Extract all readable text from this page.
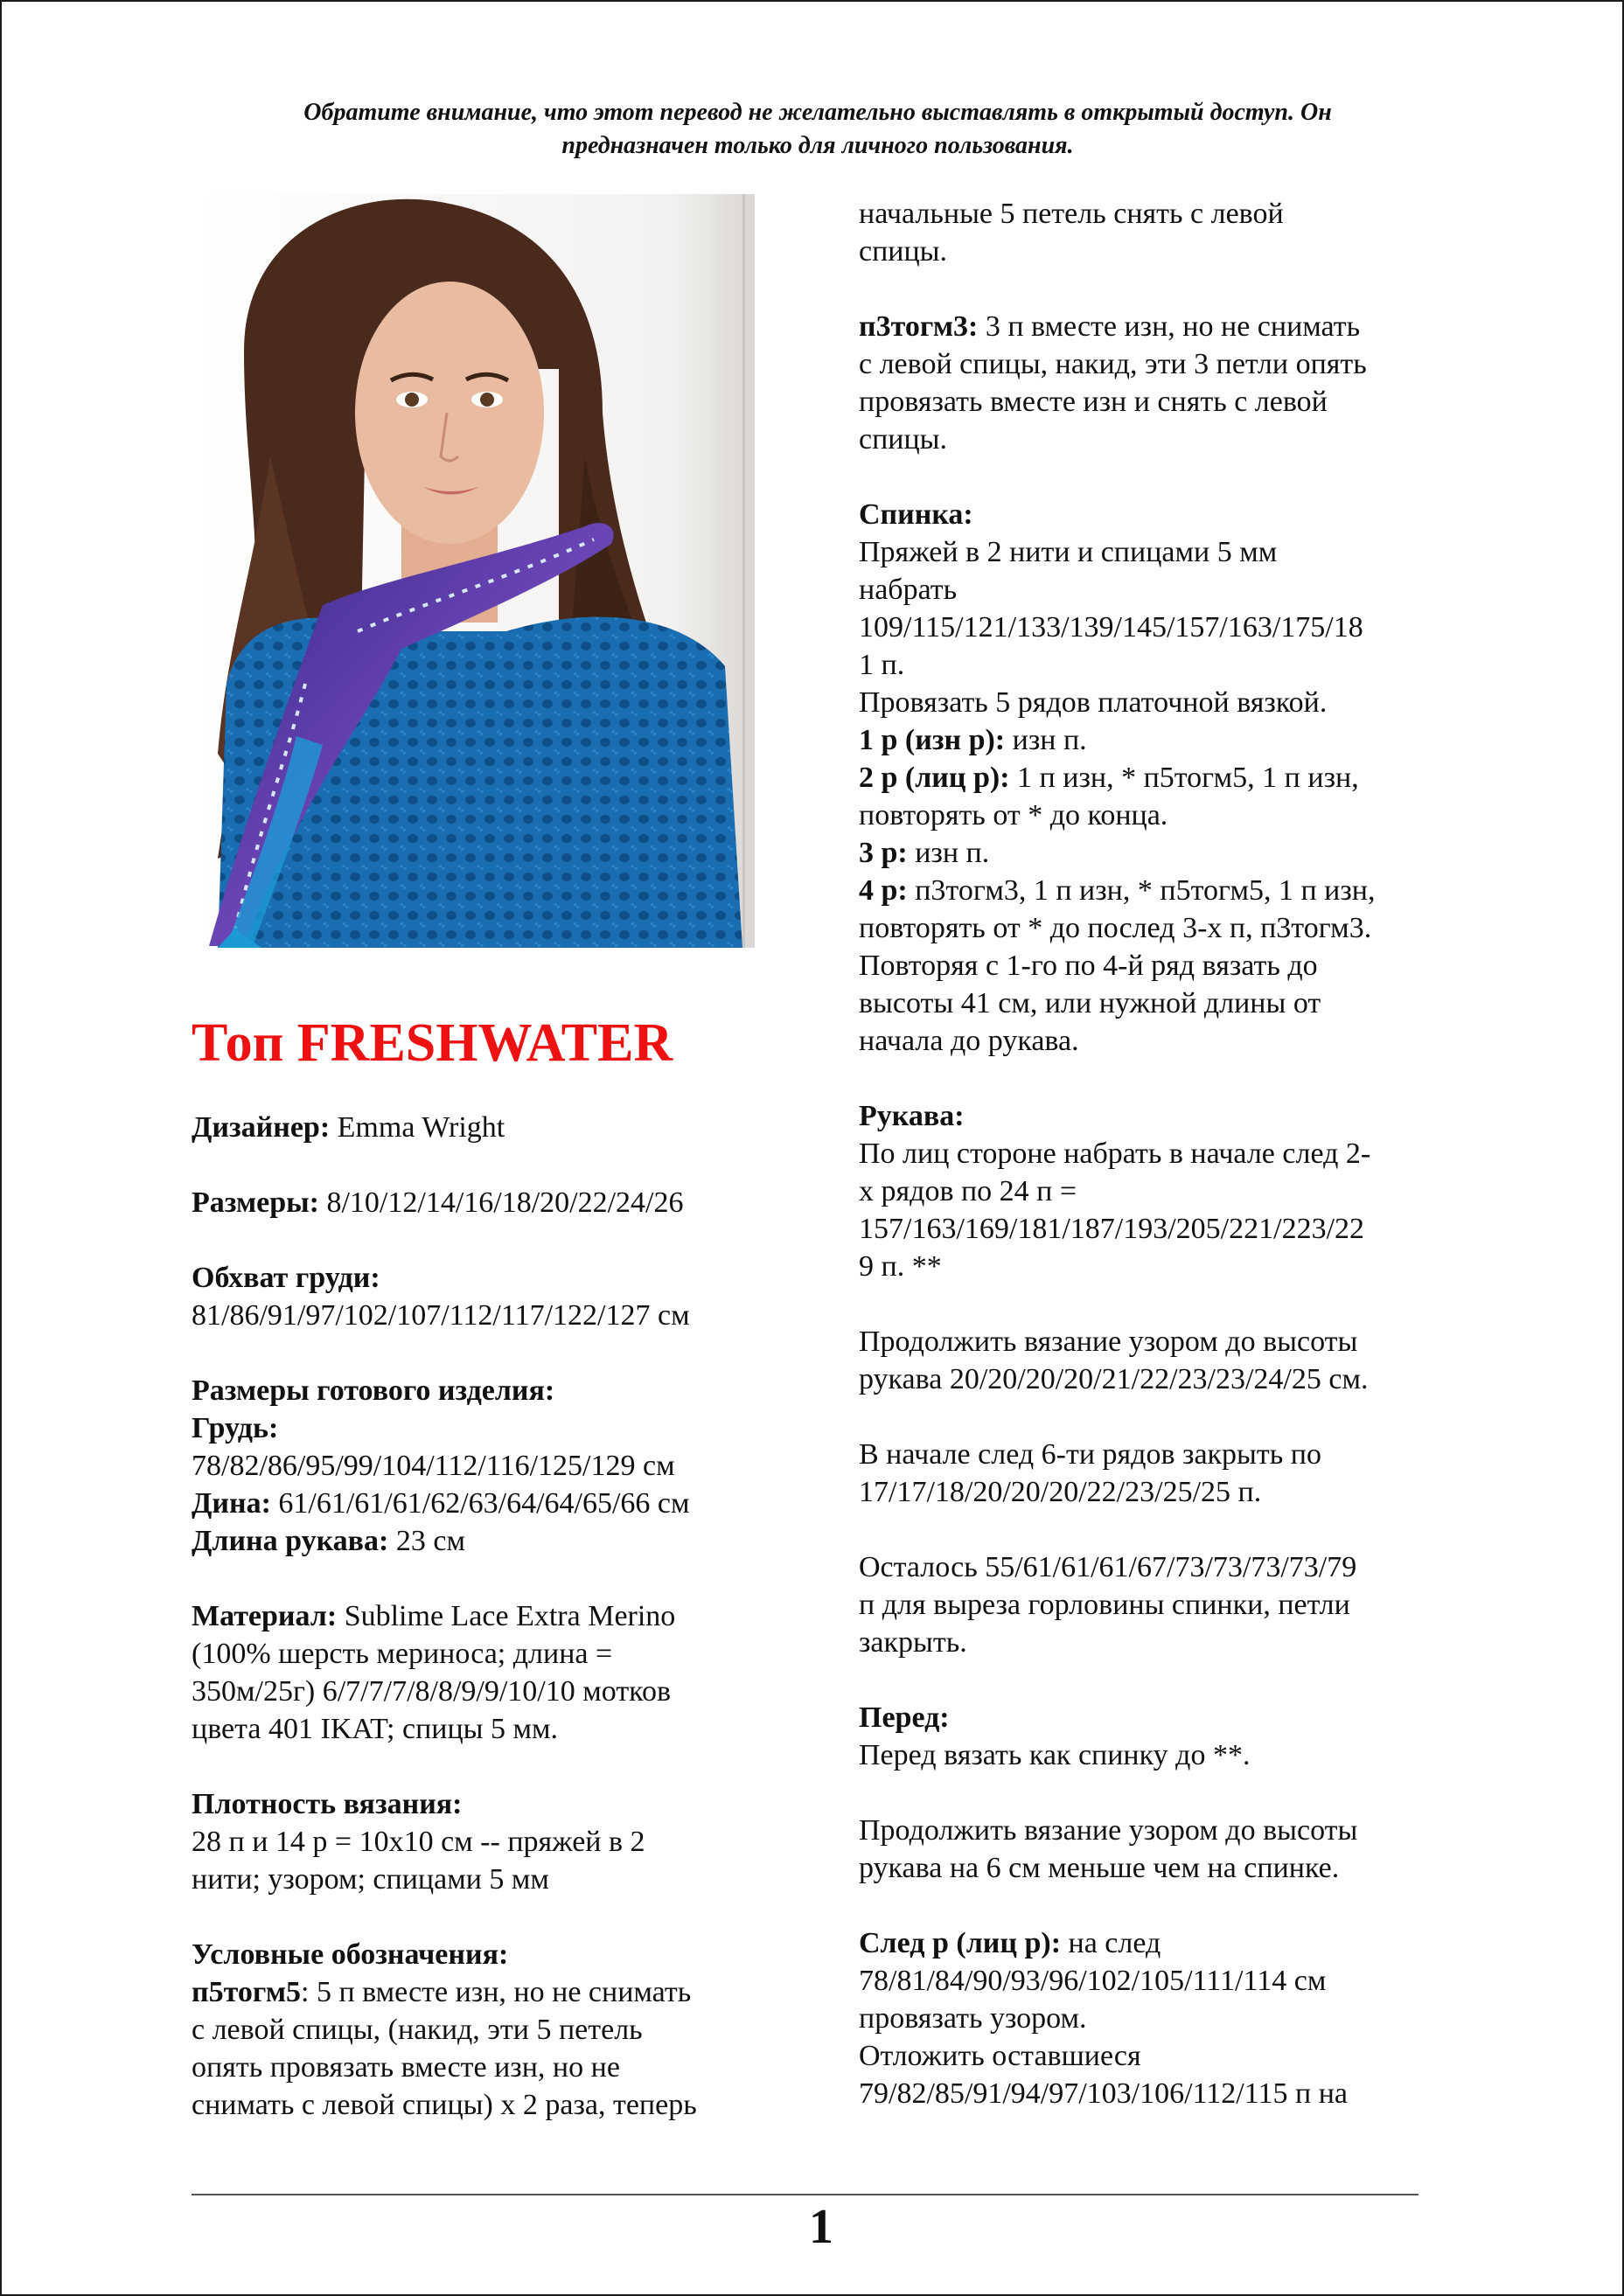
Обратите внимание, что этот перевод не желательно выставлять в открытый доступ. Он
предназначен только для личного пользования.
Топ FRESHWATER
Дизайнер: Emma Wright
Размеры: 8/10/12/14/16/18/20/22/24/26
Обхват груди:
81/86/91/97/102/107/112/117/122/127 см
Размеры готового изделия:
Грудь:
78/82/86/95/99/104/112/116/125/129 см
Дина: 61/61/61/61/62/63/64/64/65/66 см
Длина рукава: 23 см
Материал: Sublime Lace Extra Merino
(100% шерсть мериноса; длина =
350м/25г) 6/7/7/7/8/8/9/9/10/10 мотков
цвета 401 IKAT; спицы 5 мм.
Плотность вязания:
28 п и 14 р = 10х10 см -- пряжей в 2
нити; узором; спицами 5 мм
Условные обозначения:
п5тогм5: 5 п вместе изн, но не снимать
с левой спицы, (накид, эти 5 петель
опять провязать вместе изн, но не
снимать с левой спицы) х 2 раза, теперь
начальные 5 петель снять с левой
спицы.
п3тогм3: 3 п вместе изн, но не снимать
с левой спицы, накид, эти 3 петли опять
провязать вместе изн и снять с левой
спицы.
Спинка:
Пряжей в 2 нити и спицами 5 мм
набрать
109/115/121/133/139/145/157/163/175/18
1 п.
Провязать 5 рядов платочной вязкой.
1 р (изн р): изн п.
2 р (лиц р): 1 п изн, * п5тогм5, 1 п изн,
повторять от * до конца.
3 р: изн п.
4 р: п3тогм3, 1 п изн, * п5тогм5, 1 п изн,
повторять от * до послед 3-х п, п3тогм3.
Повторяя с 1-го по 4-й ряд вязать до
высоты 41 см, или нужной длины от
начала до рукава.
Рукава:
По лиц стороне набрать в начале след 2-
х рядов по 24 п =
157/163/169/181/187/193/205/221/223/22
9 п. **
Продолжить вязание узором до высоты
рукава 20/20/20/20/21/22/23/23/24/25 см.
В начале след 6-ти рядов закрыть по
17/17/18/20/20/20/22/23/25/25 п.
Осталось 55/61/61/61/67/73/73/73/73/79
п для выреза горловины спинки, петли
закрыть.
Перед:
Перед вязать как спинку до **.
Продолжить вязание узором до высоты
рукава на 6 см меньше чем на спинке.
След р (лиц р): на след
78/81/84/90/93/96/102/105/111/114 см
провязать узором.
Отложить оставшиеся
79/82/85/91/94/97/103/106/112/115 п на
1
